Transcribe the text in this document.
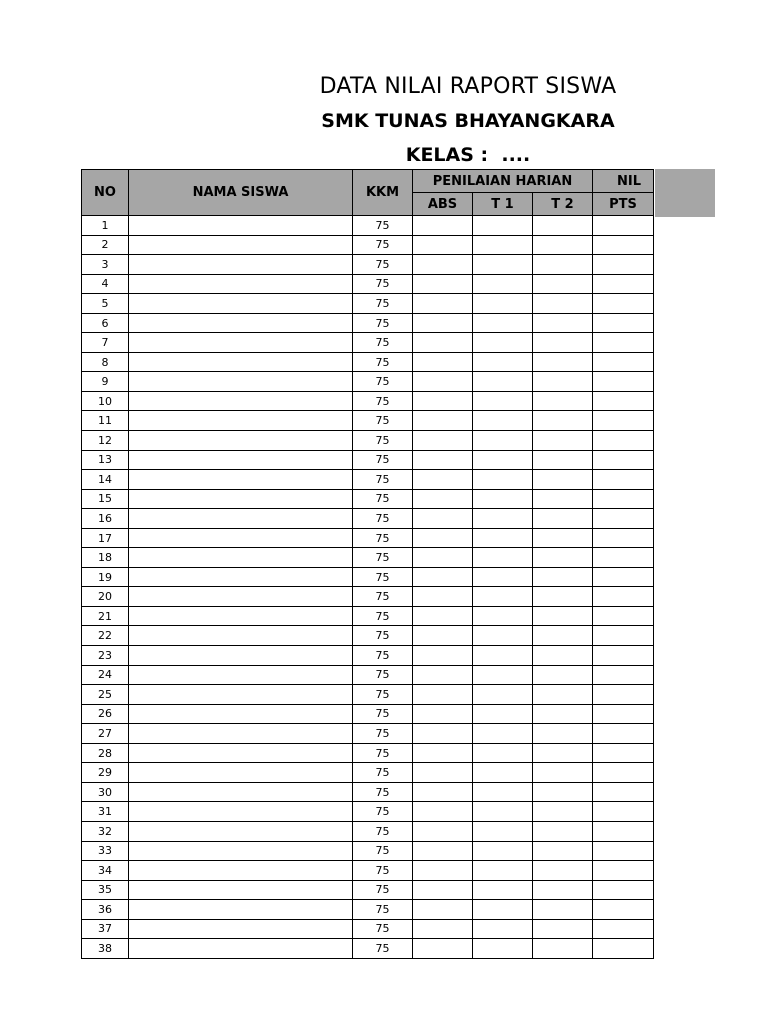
DATA NILAI RAPORT SISWA
SMK TUNAS BHAYANGKARA
KELAS :  ....
NO	NAMA SISWA	KKM	PENILAIAN HARIAN			NIL
			ABS	T 1	T 2	PTS
1		75				
2		75				
3		75				
4		75				
5		75				
6		75				
7		75				
8		75				
9		75				
10		75				
11		75				
12		75				
13		75				
14		75				
15		75				
16		75				
17		75				
18		75				
19		75				
20		75				
21		75				
22		75				
23		75				
24		75				
25		75				
26		75				
27		75				
28		75				
29		75				
30		75				
31		75				
32		75				
33		75				
34		75				
35		75				
36		75				
37		75				
38		75				
